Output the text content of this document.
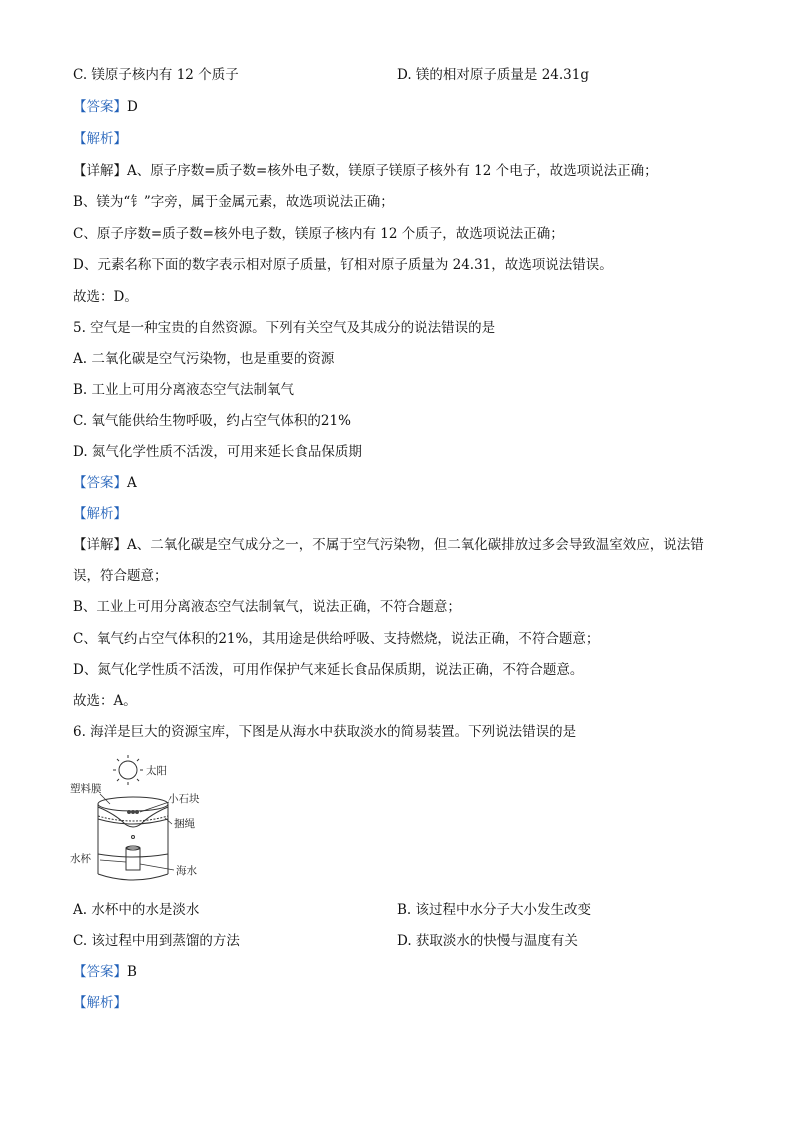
C. 镁原子核内有 12 个质子	D. 镁的相对原子质量是 24.31g
【答案】D
【解析】
【详解】A、原子序数=质子数=核外电子数，镁原子镁原子核外有 12 个电子，故选项说法正确；
B、镁为“钅”字旁，属于金属元素，故选项说法正确；
C、原子序数=质子数=核外电子数，镁原子核内有 12 个质子，故选项说法正确；
D、元素名称下面的数字表示相对原子质量，钌相对原子质量为 24.31，故选项说法错误。
故选：D。
5. 空气是一种宝贵的自然资源。下列有关空气及其成分的说法错误的是
A. 二氧化碳是空气污染物，也是重要的资源
B. 工业上可用分离液态空气法制氧气
C. 氧气能供给生物呼吸，约占空气体积的21%
D. 氮气化学性质不活泼，可用来延长食品保质期
【答案】A
【解析】
【详解】A、二氧化碳是空气成分之一，不属于空气污染物，但二氧化碳排放过多会导致温室效应，说法错
误，符合题意；
B、工业上可用分离液态空气法制氧气，说法正确，不符合题意；
C、氧气约占空气体积的21%，其用途是供给呼吸、支持燃烧，说法正确，不符合题意；
D、氮气化学性质不活泼，可用作保护气来延长食品保质期，说法正确，不符合题意。
故选：A。
6. 海洋是巨大的资源宝库，下图是从海水中获取淡水的简易装置。下列说法错误的是
太阳
塑料膜
小石块
捆绳
水杯
海水
A. 水杯中的水是淡水	B. 该过程中水分子大小发生改变
C. 该过程中用到蒸馏的方法	D. 获取淡水的快慢与温度有关
【答案】B
【解析】
